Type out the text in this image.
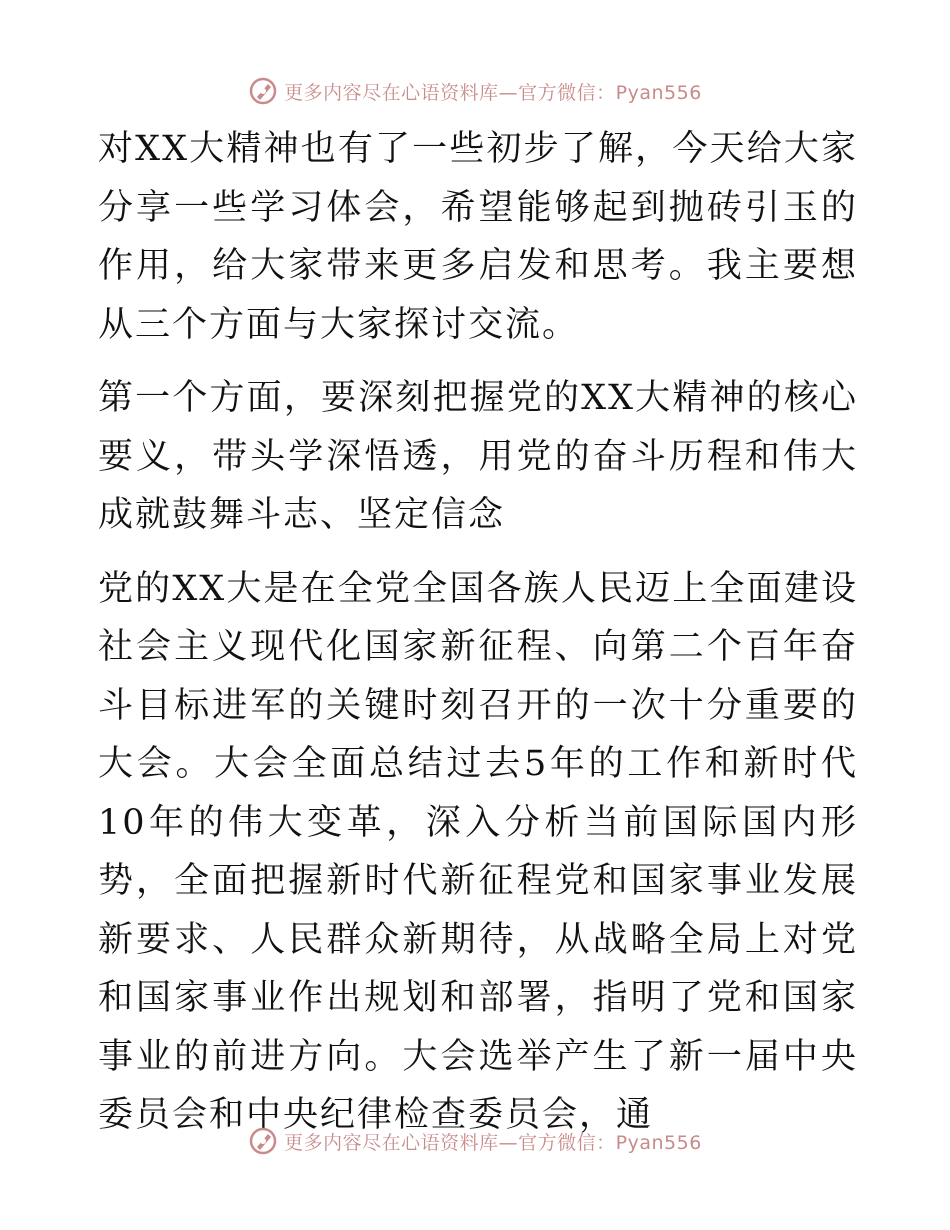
更多内容尽在心语资料库—官方微信：Pyan556

对XX大精神也有了一些初步了解，今天给大家分享一些学习体会，希望能够起到抛砖引玉的作用，给大家带来更多启发和思考。我主要想从三个方面与大家探讨交流。

第一个方面，要深刻把握党的XX大精神的核心要义，带头学深悟透，用党的奋斗历程和伟大成就鼓舞斗志、坚定信念

党的XX大是在全党全国各族人民迈上全面建设社会主义现代化国家新征程、向第二个百年奋斗目标进军的关键时刻召开的一次十分重要的大会。大会全面总结过去5年的工作和新时代10年的伟大变革，深入分析当前国际国内形势，全面把握新时代新征程党和国家事业发展新要求、人民群众新期待，从战略全局上对党和国家事业作出规划和部署，指明了党和国家事业的前进方向。大会选举产生了新一届中央委员会和中央纪律检查委员会，通

更多内容尽在心语资料库—官方微信：Pyan556
